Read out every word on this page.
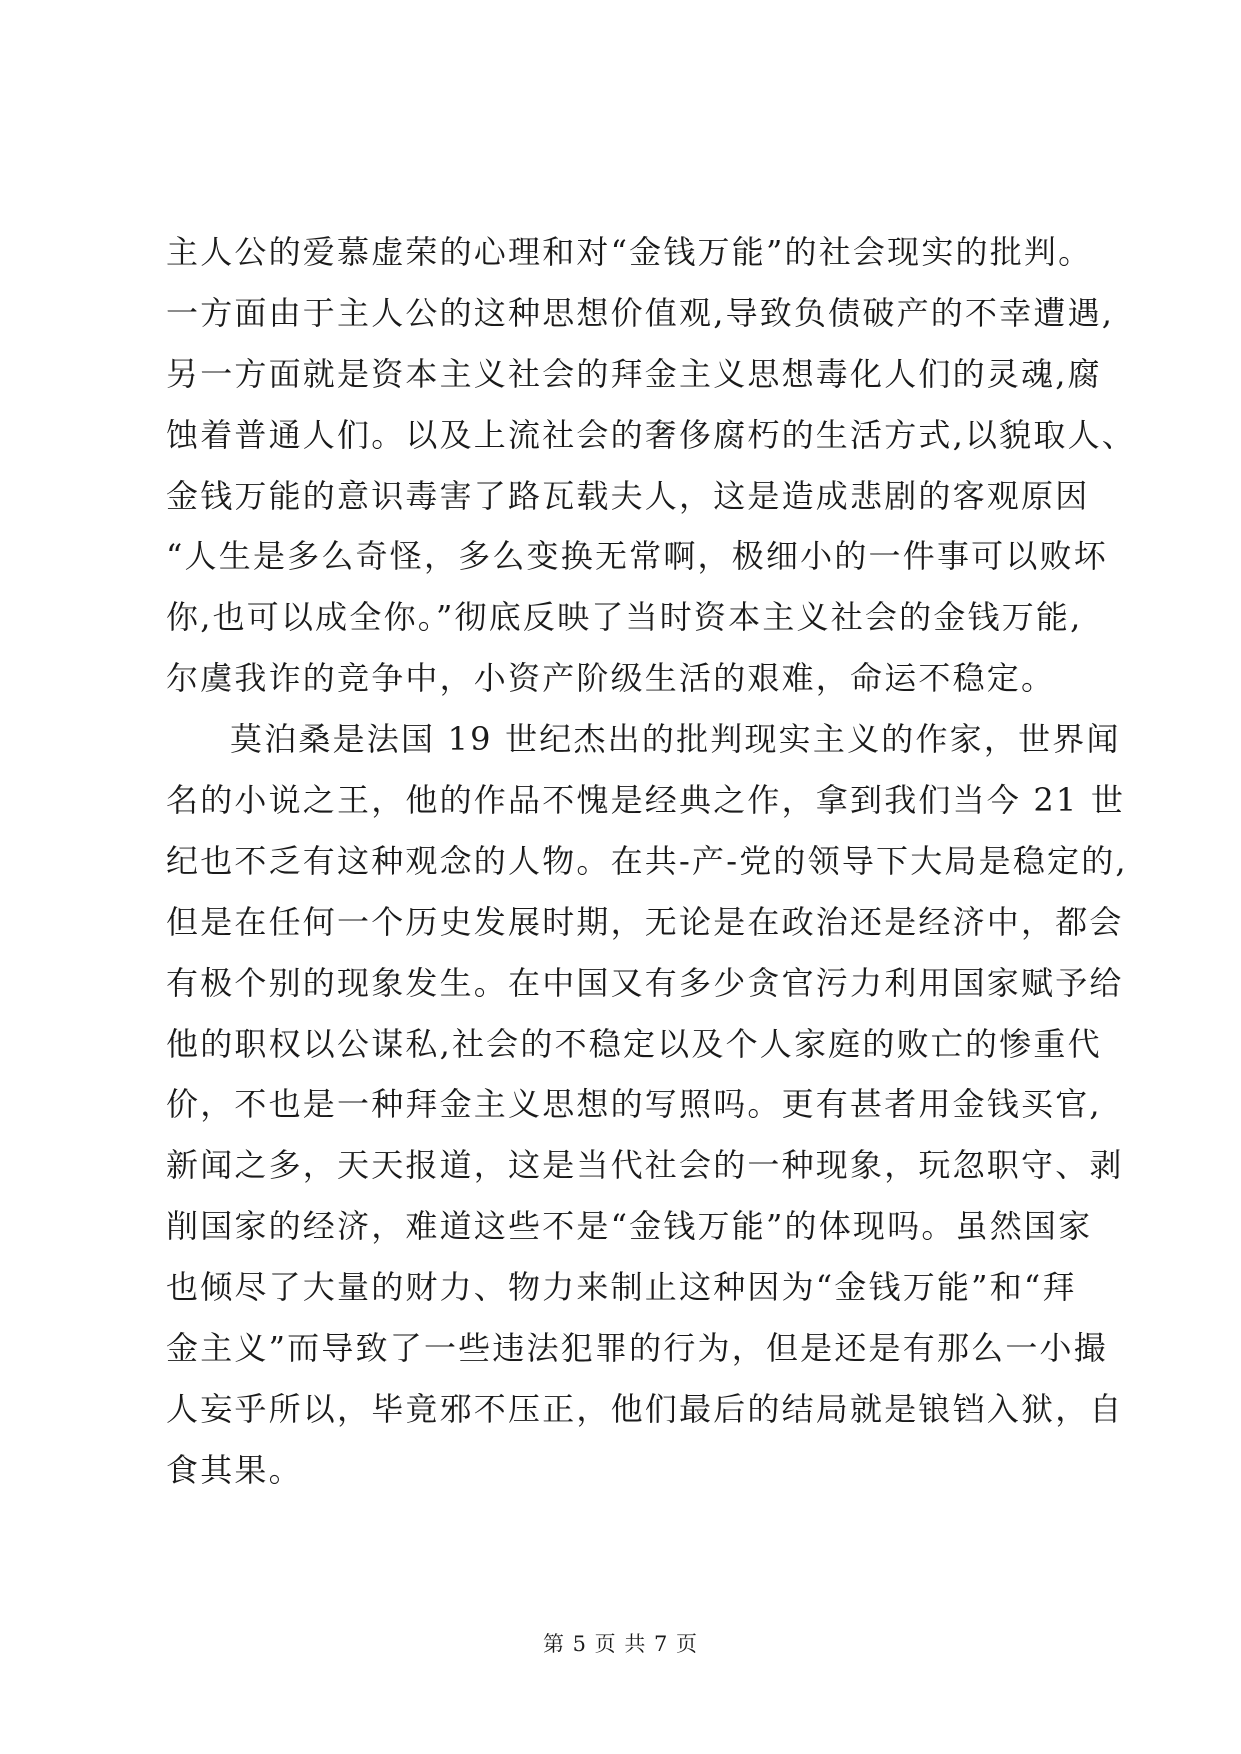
主人公的爱慕虚荣的心理和对“金钱万能”的社会现实的批判。
一方面由于主人公的这种思想价值观,导致负债破产的不幸遭遇,
另一方面就是资本主义社会的拜金主义思想毒化人们的灵魂,腐
蚀着普通人们。以及上流社会的奢侈腐朽的生活方式,以貌取人、
金钱万能的意识毒害了路瓦载夫人，这是造成悲剧的客观原因
“人生是多么奇怪，多么变换无常啊，极细小的一件事可以败坏
你,也可以成全你。”彻底反映了当时资本主义社会的金钱万能,
尔虞我诈的竞争中，小资产阶级生活的艰难，命运不稳定。
莫泊桑是法国 19 世纪杰出的批判现实主义的作家，世界闻
名的小说之王，他的作品不愧是经典之作，拿到我们当今 21 世
纪也不乏有这种观念的人物。在共-产-党的领导下大局是稳定的,
但是在任何一个历史发展时期，无论是在政治还是经济中，都会
有极个别的现象发生。在中国又有多少贪官污力利用国家赋予给
他的职权以公谋私,社会的不稳定以及个人家庭的败亡的惨重代
价，不也是一种拜金主义思想的写照吗。更有甚者用金钱买官,
新闻之多，天天报道，这是当代社会的一种现象，玩忽职守、剥
削国家的经济，难道这些不是“金钱万能”的体现吗。虽然国家
也倾尽了大量的财力、物力来制止这种因为“金钱万能”和“拜
金主义”而导致了一些违法犯罪的行为，但是还是有那么一小撮
人妄乎所以，毕竟邪不压正，他们最后的结局就是锒铛入狱，自
食其果。
第 5 页 共 7 页
